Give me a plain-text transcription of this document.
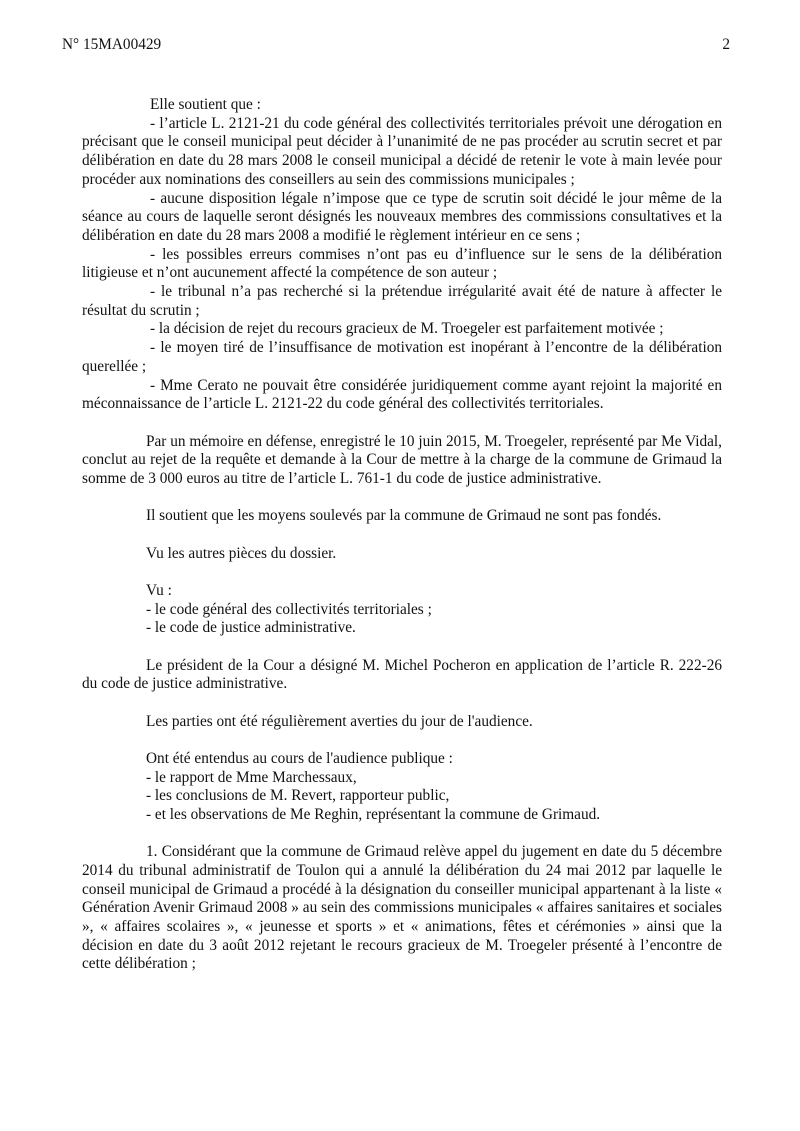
N° 15MA00429	2

Elle soutient que :

- l’article L. 2121-21 du code général des collectivités territoriales prévoit une dérogation en précisant que le conseil municipal peut décider à l’unanimité de ne pas procéder au scrutin secret et par délibération en date du 28 mars 2008 le conseil municipal a décidé de retenir le vote à main levée pour procéder aux nominations des conseillers au sein des commissions municipales ;

- aucune disposition légale n’impose que ce type de scrutin soit décidé le jour même de la séance au cours de laquelle seront désignés les nouveaux membres des commissions consultatives et la délibération en date du 28 mars 2008 a modifié le règlement intérieur en ce sens ;

- les possibles erreurs commises n’ont pas eu d’influence sur le sens de la délibération litigieuse et n’ont aucunement affecté la compétence de son auteur ;

- le tribunal n’a pas recherché si la prétendue irrégularité avait été de nature à affecter le résultat du scrutin ;

- la décision de rejet du recours gracieux de M. Troegeler est parfaitement motivée ;

- le moyen tiré de l’insuffisance de motivation est inopérant à l’encontre de la délibération querellée ;

- Mme Cerato ne pouvait être considérée juridiquement comme ayant rejoint la majorité en méconnaissance de l’article L. 2121-22 du code général des collectivités territoriales.

Par un mémoire en défense, enregistré le 10 juin 2015, M. Troegeler, représenté par Me Vidal, conclut au rejet de la requête et demande à la Cour de mettre à la charge de la commune de Grimaud la somme de 3 000 euros au titre de l’article L. 761-1 du code de justice administrative.

Il soutient que les moyens soulevés par la commune de Grimaud ne sont pas fondés.

Vu les autres pièces du dossier.

Vu :

- le code général des collectivités territoriales ;

- le code de justice administrative.

Le président de la Cour a désigné M. Michel Pocheron en application de l’article R. 222-26 du code de justice administrative.

Les parties ont été régulièrement averties du jour de l'audience.

Ont été entendus au cours de l'audience publique :

- le rapport de Mme Marchessaux,

- les conclusions de M. Revert, rapporteur public,

- et les observations de Me Reghin, représentant la commune de Grimaud.

1. Considérant que la commune de Grimaud relève appel du jugement en date du 5 décembre 2014 du tribunal administratif de Toulon qui a annulé la délibération du 24 mai 2012 par laquelle le conseil municipal de Grimaud a procédé à la désignation du conseiller municipal appartenant à la liste « Génération Avenir Grimaud 2008 » au sein des commissions municipales « affaires sanitaires et sociales », « affaires scolaires », « jeunesse et sports » et « animations, fêtes et cérémonies » ainsi que la décision en date du 3 août 2012 rejetant le recours gracieux de M. Troegeler présenté à l’encontre de cette délibération ;
